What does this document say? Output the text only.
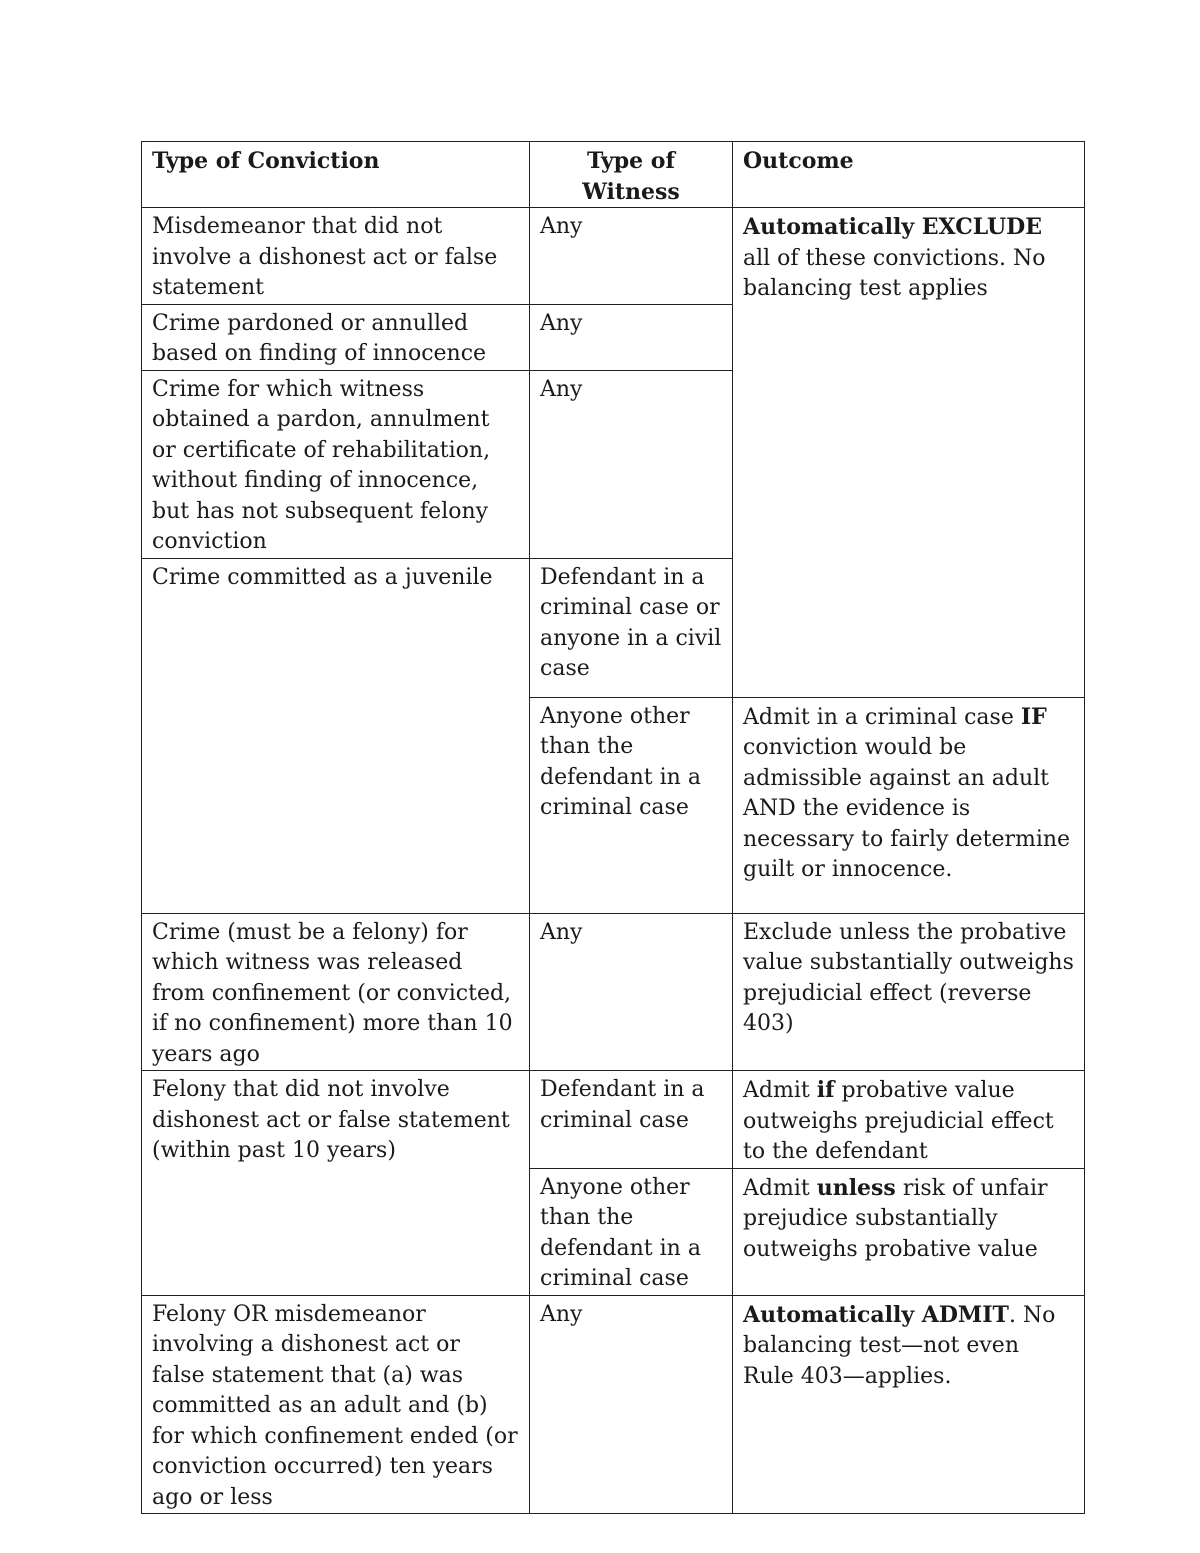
Type of Conviction	Type of Witness	Outcome
Misdemeanor that did not involve a dishonest act or false statement	Any	Automatically EXCLUDE all of these convictions. No balancing test applies
Crime pardoned or annulled based on finding of innocence	Any	
Crime for which witness obtained a pardon, annulment or certificate of rehabilitation, without finding of innocence, but has not subsequent felony conviction	Any	
Crime committed as a juvenile	Defendant in a criminal case or anyone in a civil case	
	Anyone other than the defendant in a criminal case	Admit in a criminal case IF conviction would be admissible against an adult AND the evidence is necessary to fairly determine guilt or innocence.
Crime (must be a felony) for which witness was released from confinement (or convicted, if no confinement) more than 10 years ago	Any	Exclude unless the probative value substantially outweighs prejudicial effect (reverse 403)
Felony that did not involve dishonest act or false statement (within past 10 years)	Defendant in a criminal case	Admit if probative value outweighs prejudicial effect to the defendant
	Anyone other than the defendant in a criminal case	Admit unless risk of unfair prejudice substantially outweighs probative value
Felony OR misdemeanor involving a dishonest act or false statement that (a) was committed as an adult and (b) for which confinement ended (or conviction occurred) ten years ago or less	Any	Automatically ADMIT. No balancing test—not even Rule 403—applies.
